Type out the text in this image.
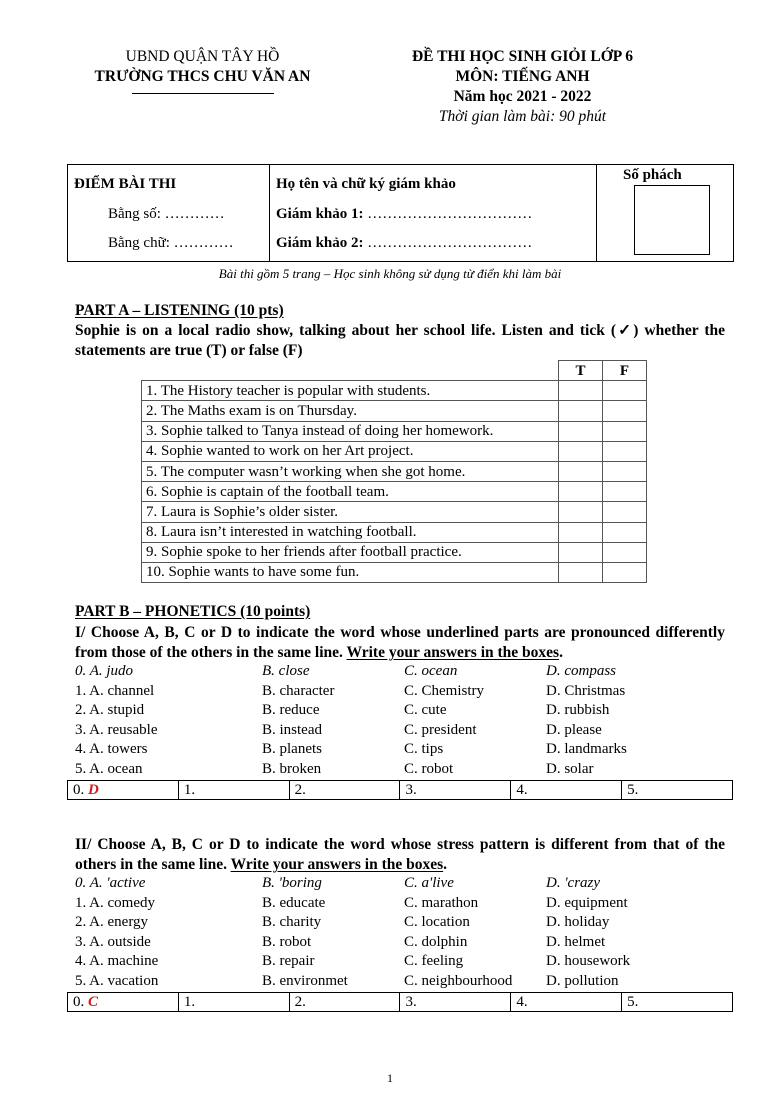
UBND QUẬN TÂY HỒ
TRƯỜNG THCS CHU VĂN AN
ĐỀ THI HỌC SINH GIỎI LỚP 6
MÔN: TIẾNG ANH
Năm học 2021 - 2022
Thời gian làm bài: 90 phút
ĐIỂM BÀI THI
Bằng số: …………
Bằng chữ: …………
Họ tên và chữ ký giám khảo
Giám khảo 1: ……………………………
Giám khảo 2: ……………………………
Số phách
Bài thi gồm 5 trang – Học sinh không sử dụng từ điển khi làm bài
PART A – LISTENING (10 pts)
Sophie is on a local radio show, talking about her school life. Listen and tick (✓) whether the statements are true (T) or false (F)
	T	F
1. The History teacher is popular with students.		
2. The Maths exam is on Thursday.		
3. Sophie talked to Tanya instead of doing her homework.		
4. Sophie wanted to work on her Art project.		
5. The computer wasn’t working when she got home.		
6. Sophie is captain of the football team.		
7. Laura is Sophie’s older sister.		
8. Laura isn’t interested in watching football.		
9. Sophie spoke to her friends after football practice.		
10. Sophie wants to have some fun.		
PART B – PHONETICS (10 points)
I/ Choose A, B, C or D to indicate the word whose underlined parts are pronounced differently from those of the others in the same line. Write your answers in the boxes.
0. A. judo	B. close	C. ocean	D. compass
1. A. channel	B. character	C. Chemistry	D. Christmas
2. A. stupid	B. reduce	C. cute	D. rubbish
3. A. reusable	B. instead	C. president	D. please
4. A. towers	B. planets	C. tips	D. landmarks
5. A. ocean	B. broken	C. robot	D. solar
0. D	1.	2.	3.	4.	5.
II/ Choose A, B, C or D to indicate the word whose stress pattern is different from that of the others in the same line. Write your answers in the boxes.
0. A. 'active	B. 'boring	C. a'live	D. 'crazy
1. A. comedy	B. educate	C. marathon	D. equipment
2. A. energy	B. charity	C. location	D. holiday
3. A. outside	B. robot	C. dolphin	D. helmet
4. A. machine	B. repair	C. feeling	D. housework
5. A. vacation	B. environmet	C. neighbourhood D. pollution
0. C	1.	2.	3.	4.	5.
1
